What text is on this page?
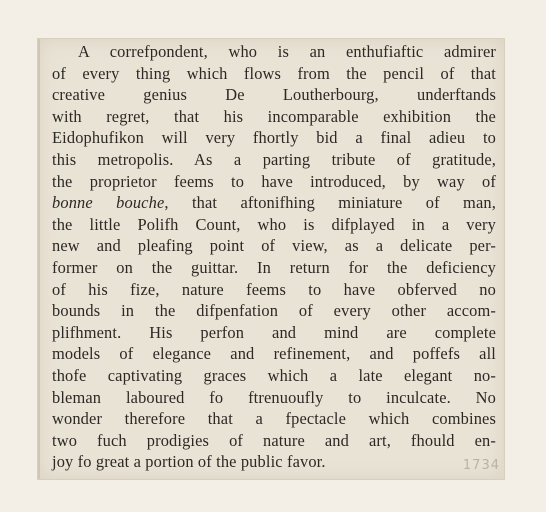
A correfpondent, who is an enthufiaftic admirer
of every thing which flows from the pencil of that
creative genius De Loutherbourg, underftands
with regret, that his incomparable exhibition the
Eidophufikon will very fhortly bid a final adieu to
this metropolis. As a parting tribute of gratitude,
the proprietor feems to have introduced, by way of
bonne bouche, that aftonifhing miniature of man,
the little Polifh Count, who is difplayed in a very
new and pleafing point of view, as a delicate per-
former on the guittar. In return for the deficiency
of his fize, nature feems to have obferved no
bounds in the difpenfation of every other accom-
plifhment. His perfon and mind are complete
models of elegance and refinement, and poffefs all
thofe captivating graces which a late elegant no-
bleman laboured fo ftrenuoufly to inculcate. No
wonder therefore that a fpectacle which combines
two fuch prodigies of nature and art, fhould en-
joy fo great a portion of the public favor.	1734
